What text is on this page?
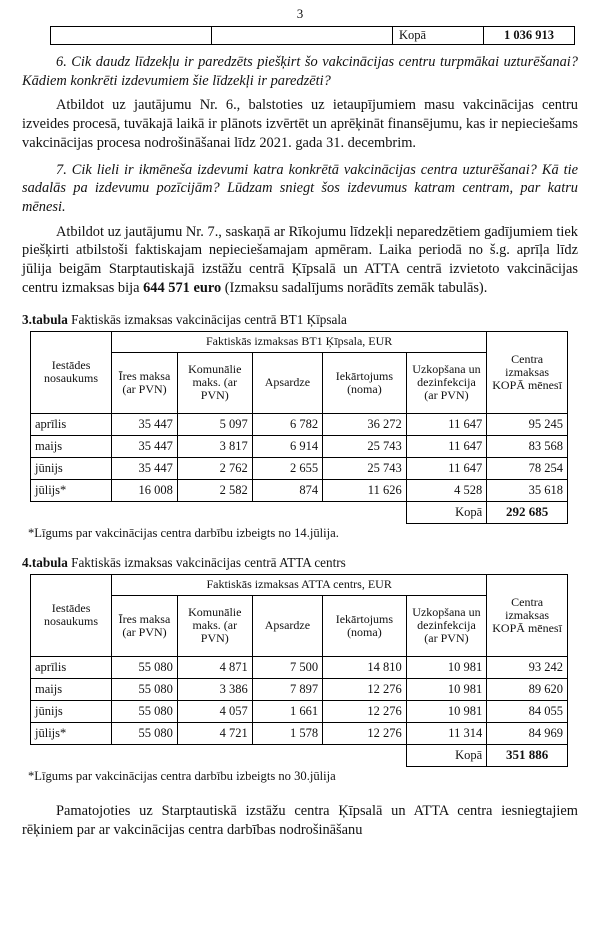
3
		Kopā	1 036 913

6. Cik daudz līdzekļu ir paredzēts piešķirt šo vakcinācijas centru turpmākai uzturēšanai? Kādiem konkrēti izdevumiem šie līdzekļi ir paredzēti?

Atbildot uz jautājumu Nr. 6., balstoties uz ietaupījumiem masu vakcinācijas centru izveides procesā, tuvākajā laikā ir plānots izvērtēt un aprēķināt finansējumu, kas ir nepieciešams vakcinācijas procesa nodrošināšanai līdz 2021. gada 31. decembrim.

7. Cik lieli ir ikmēneša izdevumi katra konkrētā vakcinācijas centra uzturēšanai? Kā tie sadalās pa izdevumu pozīcijām? Lūdzam sniegt šos izdevumus katram centram, par katru mēnesi.

Atbildot uz jautājumu Nr. 7., saskaņā ar Rīkojumu līdzekļi neparedzētiem gadījumiem tiek piešķirti atbilstoši faktiskajam nepieciešamajam apmēram. Laika periodā no š.g. aprīļa līdz jūlija beigām Starptautiskajā izstāžu centrā Ķīpsalā un ATTA centrā izvietoto vakcinācijas centru izmaksas bija 644 571 euro (Izmaksu sadalījums norādīts zemāk tabulās).

3.tabula Faktiskās izmaksas vakcinācijas centrā BT1 Ķīpsala
Iestādes nosaukums	Faktiskās izmaksas BT1 Ķīpsala, EUR					Centra izmaksas KOPĀ mēnesī
	Īres maksa (ar PVN)	Komunālie maks. (ar PVN)	Apsardze	Iekārtojums (noma)	Uzkopšana un dezinfekcija (ar PVN)	
aprīlis	35 447	5 097	6 782	36 272	11 647	95 245
maijs	35 447	3 817	6 914	25 743	11 647	83 568
jūnijs	35 447	2 762	2 655	25 743	11 647	78 254
jūlijs*	16 008	2 582	874	11 626	4 528	35 618
					Kopā	292 685
*Līgums par vakcinācijas centra darbību izbeigts no 14.jūlija.
4.tabula Faktiskās izmaksas vakcinācijas centrā ATTA centrs
Iestādes nosaukums	Faktiskās izmaksas ATTA centrs, EUR					Centra izmaksas KOPĀ mēnesī
	Īres maksa (ar PVN)	Komunālie maks. (ar PVN)	Apsardze	Iekārtojums (noma)	Uzkopšana un dezinfekcija (ar PVN)	
aprīlis	55 080	4 871	7 500	14 810	10 981	93 242
maijs	55 080	3 386	7 897	12 276	10 981	89 620
jūnijs	55 080	4 057	1 661	12 276	10 981	84 055
jūlijs*	55 080	4 721	1 578	12 276	11 314	84 969
					Kopā	351 886
*Līgums par vakcinācijas centra darbību izbeigts no 30.jūlija

Pamatojoties uz Starptautiskā izstāžu centra Ķīpsalā un ATTA centra iesniegtajiem rēķiniem par ar vakcinācijas centra darbības nodrošināšanu
